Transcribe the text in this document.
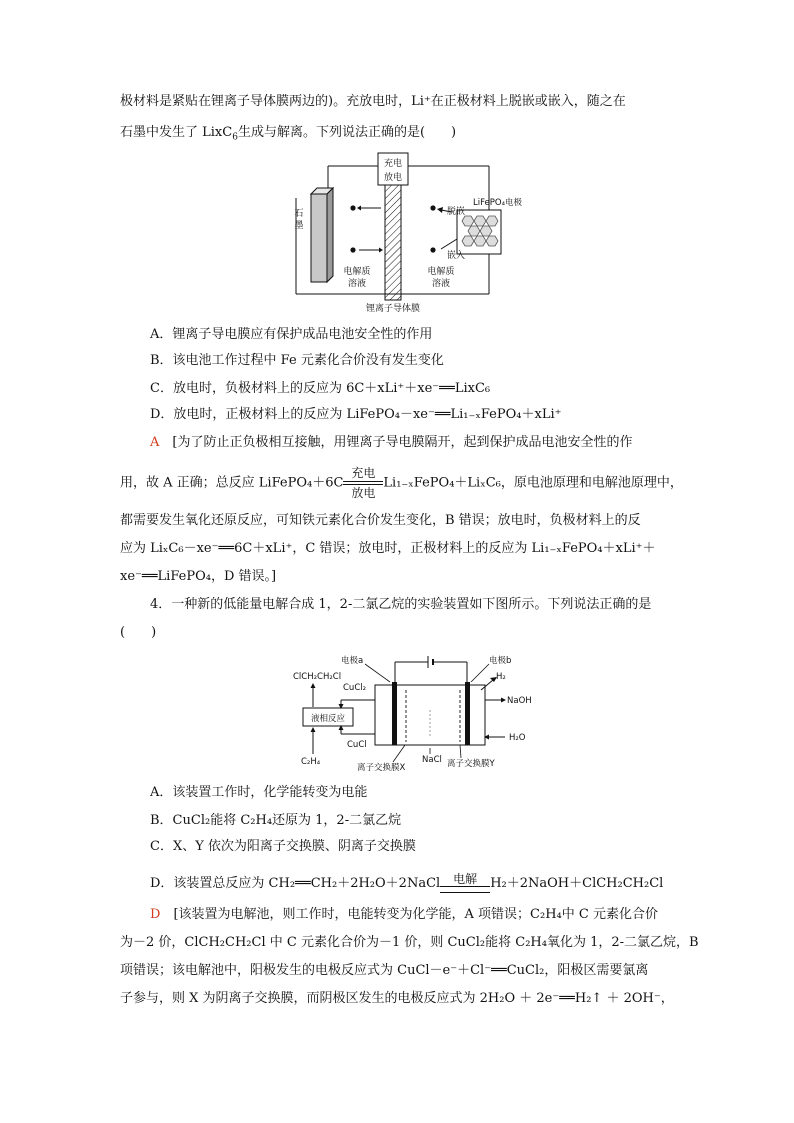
极材料是紧贴在锂离子导体膜两边的)。充放电时，Li⁺在正极材料上脱嵌或嵌入，随之在
石墨中发生了 LixC$_6$生成与解离。下列说法正确的是(　　)
充电
放电
石
墨
LiFePO₄电极
脱嵌
嵌入
电解质
溶液
电解质
溶液
锂离子导体膜
A．锂离子导电膜应有保护成品电池安全性的作用
B．该电池工作过程中 Fe 元素化合价没有发生变化
C．放电时，负极材料上的反应为 6C＋xLi⁺＋xe⁻══LixC₆
D．放电时，正极材料上的反应为 LiFePO₄－xe⁻══Li₁₋ₓFePO₄＋xLi⁺
A　 [为了防止正负极相互接触，用锂离子导电膜隔开，起到保护成品电池安全性的作
用，故 A 正确；总反应 LiFePO₄＋6C
充电
放电
Li₁₋ₓFePO₄＋LiₓC₆，原电池原理和电解池原理中，
都需要发生氧化还原反应，可知铁元素化合价发生变化，B 错误；放电时，负极材料上的反
应为 LiₓC₆－xe⁻══6C＋xLi⁺，C 错误；放电时，正极材料上的反应为 Li₁₋ₓFePO₄＋xLi⁺＋
xe⁻══LiFePO₄，D 错误。]
4．一种新的低能量电解合成 1，2-二氯乙烷的实验装置如下图所示。下列说法正确的是
(　　)
电极a	电极b
液相反应
ClCH₂CH₂Cl
CuCl₂
CuCl
C₂H₄
H₂
NaOH
H₂O
NaCl
离子交换膜X	离子交换膜Y
A．该装置工作时，化学能转变为电能
B．CuCl₂能将 C₂H₄还原为 1，2-二氯乙烷
C．X、Y 依次为阳离子交换膜、阴离子交换膜
D．该装置总反应为 CH₂══CH₂＋2H₂O＋2NaCl	电解	H₂＋2NaOH＋ClCH₂CH₂Cl
D　 [该装置为电解池，则工作时，电能转变为化学能，A 项错误；C₂H₄中 C 元素化合价
为－2 价，ClCH₂CH₂Cl 中 C 元素化合价为－1 价，则 CuCl₂能将 C₂H₄氧化为 1，2-二氯乙烷，B
项错误；该电解池中，阳极发生的电极反应式为 CuCl－e⁻＋Cl⁻══CuCl₂，阳极区需要氯离
子参与，则 X 为阴离子交换膜，而阴极区发生的电极反应式为 2H₂O ＋ 2e⁻══H₂↑ ＋ 2OH⁻，
